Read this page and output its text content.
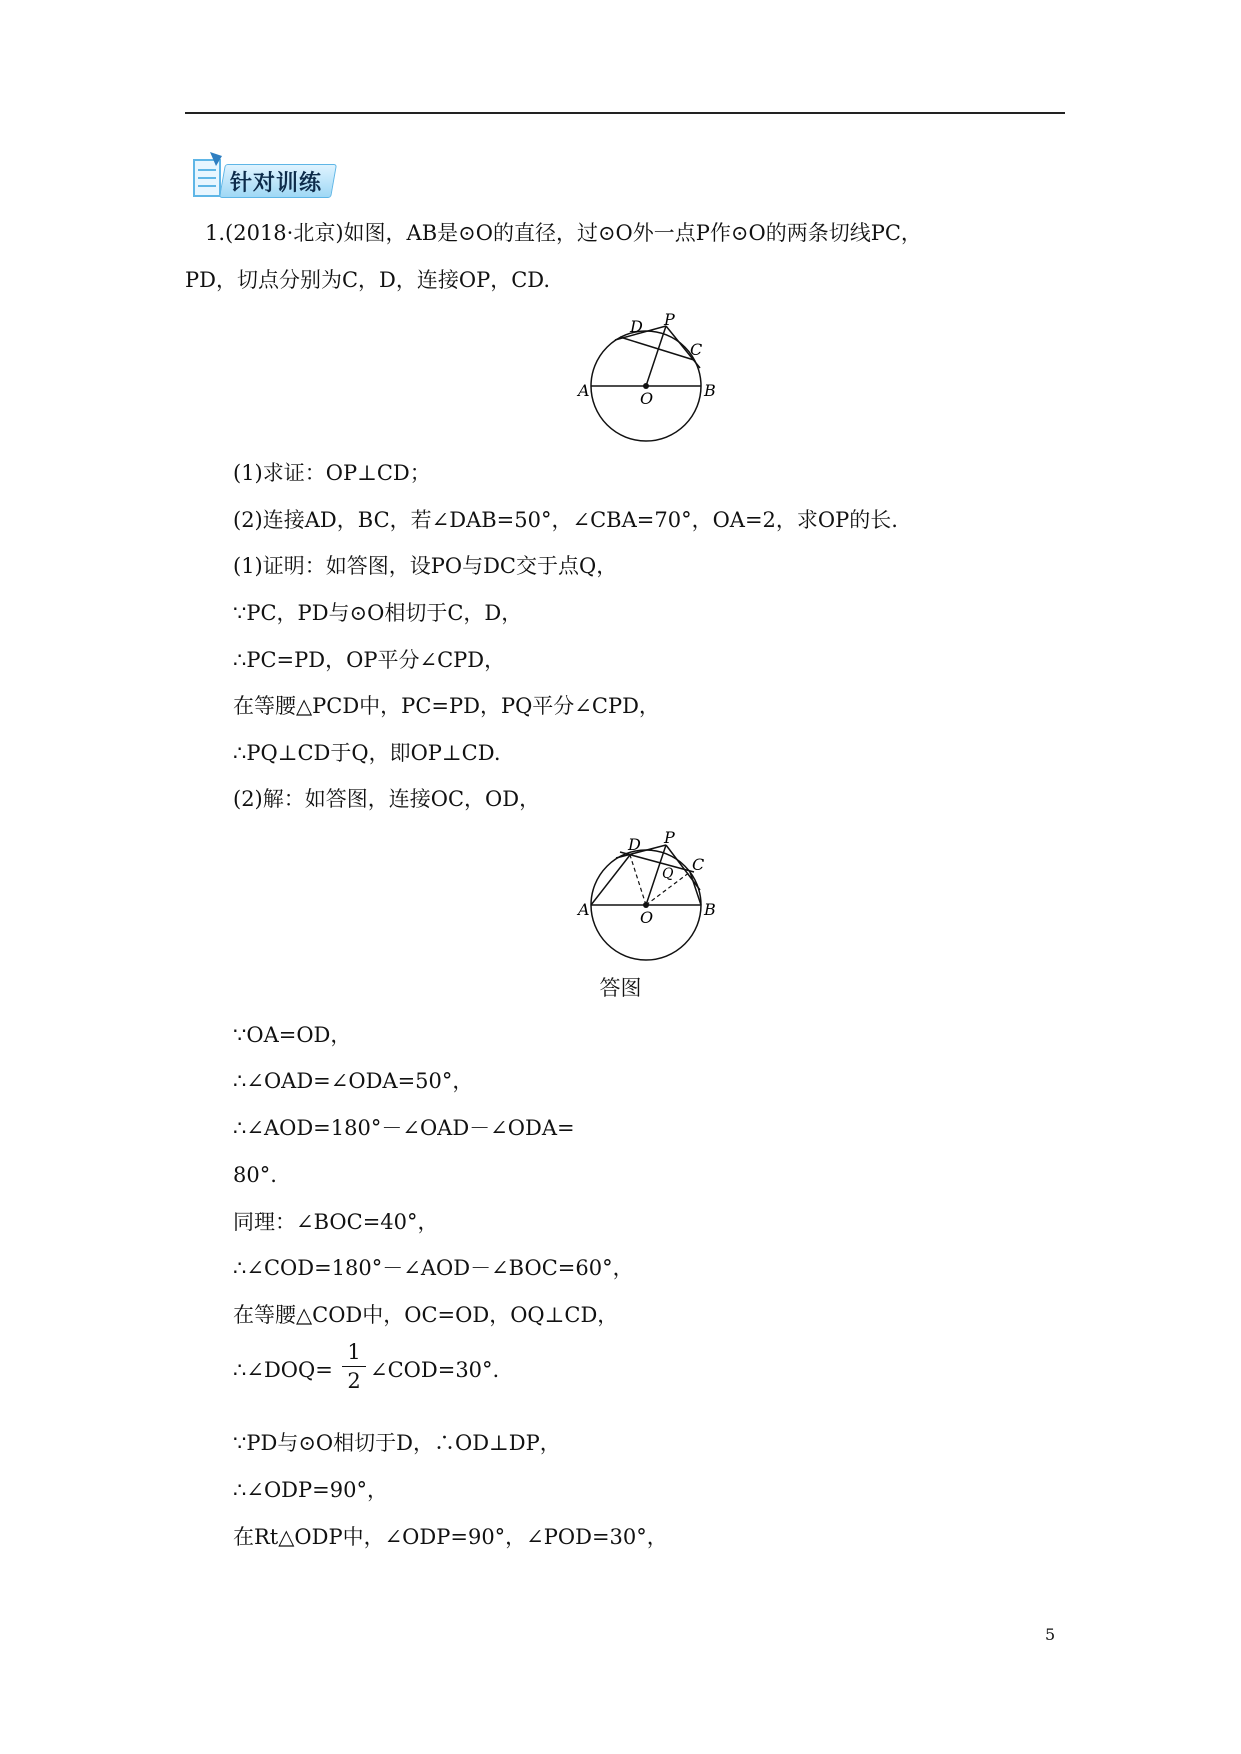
针对训练
1.(2018·北京)如图，AB是⊙O的直径，过⊙O外一点P作⊙O的两条切线PC，
PD，切点分别为C，D，连接OP，CD.
A	B
C
D
O
P
(1)求证：OP⊥CD；
(2)连接AD，BC，若∠DAB=50°，∠CBA=70°，OA=2，求OP的长.
(1)证明：如答图，设PO与DC交于点Q，
∵PC，PD与⊙O相切于C，D，
∴PC=PD，OP平分∠CPD，
在等腰△PCD中，PC=PD，PQ平分∠CPD，
∴PQ⊥CD于Q，即OP⊥CD.
(2)解：如答图，连接OC，OD，
A	B
C
D
O
P
Q
答图
∵OA=OD，
∴∠OAD=∠ODA=50°，
∴∠AOD=180°－∠OAD－∠ODA=
80°.
同理：∠BOC=40°，
∴∠COD=180°－∠AOD－∠BOC=60°，
在等腰△COD中，OC=OD，OQ⊥CD，
∴∠DOQ=
1
2 ∠COD=30°.
∵PD与⊙O相切于D，∴OD⊥DP，
∴∠ODP=90°，
在Rt△ODP中，∠ODP=90°，∠POD=30°，
5
